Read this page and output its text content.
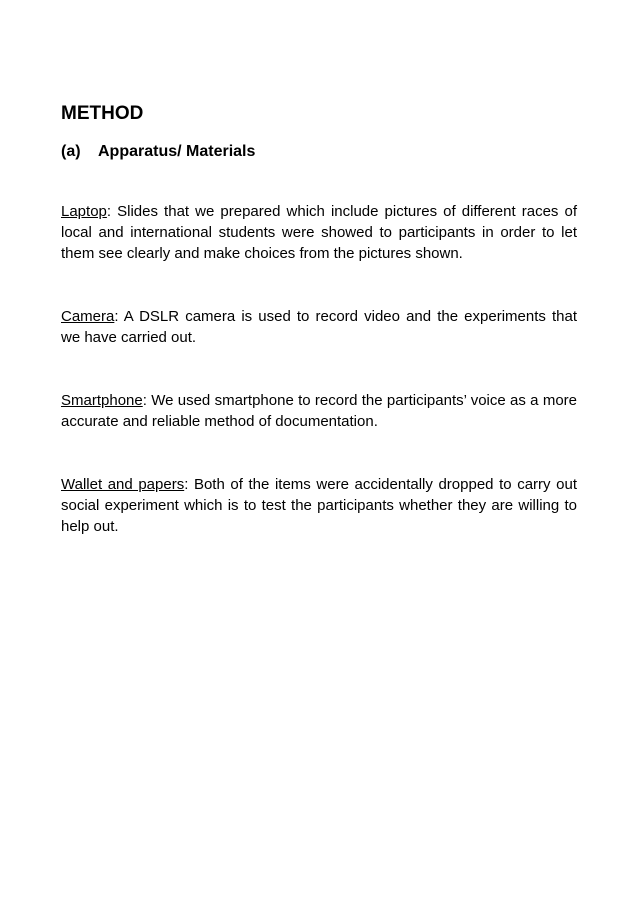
METHOD
(a)	Apparatus/ Materials

Laptop: Slides that we prepared which include pictures of different races of local and international students were showed to participants in order to let them see clearly and make choices from the pictures shown.

Camera: A DSLR camera is used to record video and the experiments that we have carried out.

Smartphone: We used smartphone to record the participants’ voice as a more accurate and reliable method of documentation.

Wallet and papers: Both of the items were accidentally dropped to carry out social experiment which is to test the participants whether they are willing to help out.
